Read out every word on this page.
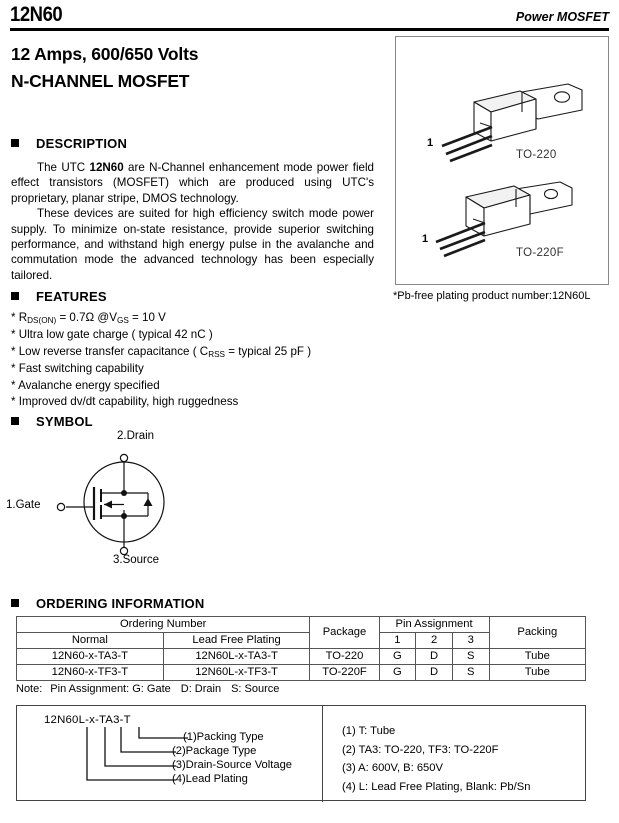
12N60	Power MOSFET
12 Amps, 600/650 Volts
N-CHANNEL MOSFET
DESCRIPTION

The UTC 12N60 are N-Channel enhancement mode power field effect transistors (MOSFET) which are produced using UTC's proprietary, planar stripe, DMOS technology.

These devices are suited for high efficiency switch mode power supply. To minimize on-state resistance, provide superior switching performance, and withstand high energy pulse in the avalanche and commutation mode the advanced technology has been especially tailored.

FEATURES
* $R_{DS(ON)} = 0.7\Omega$ $@V_{GS} = 10$ V
* Ultra low gate charge ( typical 42 nC )
* Low reverse transfer capacitance ( $C_{RSS}$ = typical 25 pF )
* Fast switching capability
* Avalanche energy specified
* Improved dv/dt capability, high ruggedness
1
TO-220
1
TO-220F
*Pb-free plating product number:12N60L
SYMBOL
2.Drain
1.Gate
3.Source
ORDERING INFORMATION
Ordering Number		Package	Pin Assignment			Packing
Normal	Lead Free Plating		1	2	3	
12N60-x-TA3-T	12N60L-x-TA3-T	TO-220	G	D	S	Tube
12N60-x-TF3-T	12N60L-x-TF3-T	TO-220F	G	D	S	Tube
Note: Pin Assignment: G: Gate D: Drain S: Source
12N60L-x-TA3-T
(1)Packing Type
(2)Package Type
(3)Drain-Source Voltage
(4)Lead Plating
(1) T: Tube
(2) TA3: TO-220, TF3: TO-220F
(3) A: 600V, B: 650V
(4) L: Lead Free Plating, Blank: Pb/Sn
